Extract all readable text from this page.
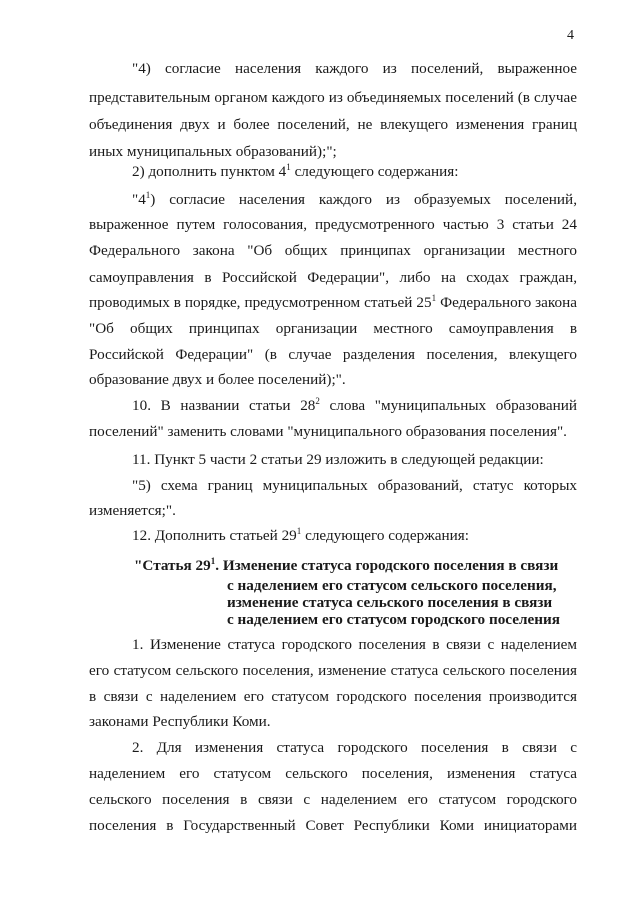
4
"4) согласие населения каждого из поселений, выраженное
представительным органом каждого из объединяемых поселений (в случае
объединения двух и более поселений, не влекущего изменения границ
иных муниципальных образований);";
2) дополнить пунктом $4^1$ следующего содержания:
"$4^1$) согласие населения каждого из образуемых поселений,
выраженное путем голосования, предусмотренного частью 3 статьи 24
Федерального закона "Об общих принципах организации местного
самоуправления в Российской Федерации", либо на сходах граждан,
проводимых в порядке, предусмотренном статьей $25^1$ Федерального закона
"Об общих принципах организации местного самоуправления в
Российской Федерации" (в случае разделения поселения, влекущего
образование двух и более поселений);".
10. В названии статьи $28^2$ слова "муниципальных образований
поселений" заменить словами "муниципального образования поселения".
11. Пункт 5 части 2 статьи 29 изложить в следующей редакции:
"5) схема границ муниципальных образований, статус которых
изменяется;".
12. Дополнить статьей $29^1$ следующего содержания:
"Статья $29^1$. Изменение статуса городского поселения в связи
с наделением его статусом сельского поселения,
изменение статуса сельского поселения в связи
с наделением его статусом городского поселения
1. Изменение статуса городского поселения в связи с наделением
его статусом сельского поселения, изменение статуса сельского поселения
в связи с наделением его статусом городского поселения производится
законами Республики Коми.
2. Для изменения статуса городского поселения в связи с
наделением его статусом сельского поселения, изменения статуса
сельского поселения в связи с наделением его статусом городского
поселения в Государственный Совет Республики Коми инициаторами
